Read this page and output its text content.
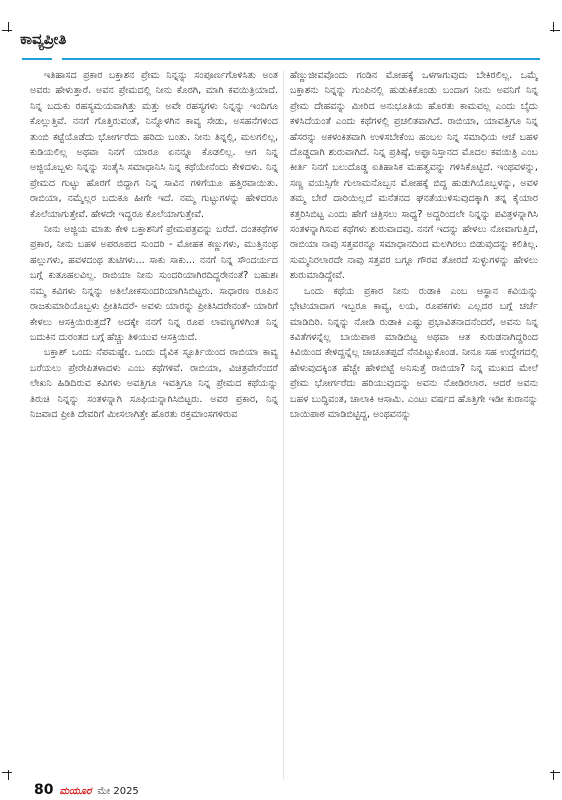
ಕಾವ್ಯಪ್ರೀತಿ

ಇತಿಹಾಸದ ಪ್ರಕಾರ ಬಕ್ತಾಶನ ಪ್ರೇಮ ನಿನ್ನನ್ನು ಸಂಪೂರ್ಣಗೊಳಿಸಿತು ಅಂತ ಅವರು ಹೇಳುತ್ತಾರೆ. ಅವನ ಪ್ರೇಮದಲ್ಲಿ ನೀನು ಕೊರಗಿ, ಮಾಗಿ ಕವಯಿತ್ರಿಯಾದೆ. ನಿನ್ನ ಬದುಕು ರಹಸ್ಯಮಯವಾಗಿತ್ತು ಮತ್ತು ಅವೇ ರಹಸ್ಯಗಳು ನಿನ್ನನ್ನು ಇಂದಿಗೂ ಕೊಲ್ಲುತ್ತಿವೆ. ನನಗೆ ಗೊತ್ತಿರುವಂತೆ, ನಿನ್ನೊಳಗಿನ ಕಾವ್ಯ ಸೇಡು, ಅಸಹನೆಗಳಿಂದ ತುಂಬಿ ಕಟ್ಟೆಯೊಡೆದು ಭೋರ್ಗರೆದು ಹರಿದು ಬಂತು. ನೀನು ತಿನ್ನಲ್ಲಿ, ಮಲಗಲಿಲ್ಲ, ಕುಡಿಯಲಿಲ್ಲ ಅಥವಾ ನಿನಗೆ ಯಾರೂ ಏನನ್ನೂ ಕೊಡಲಿಲ್ಲ. ಆಗ ನಿನ್ನ ಅಜ್ಜಿಯೊಬ್ಬಳು ನಿನ್ನನ್ನು ಸಂತೈಸಿ ಸಮಾಧಾನಿಸಿ ನಿನ್ನ ಕಥೆಯೇನೆಂದು ಕೇಳಿದಳು. ನಿನ್ನ ಪ್ರೇಮದ ಗುಟ್ಟು ಹೊರಗೆ ಬಿದ್ದಾಗ ನಿನ್ನ ಸಾವಿನ ಗಳಿಗೆಯೂ ಹತ್ತಿರವಾಯಿತು. ರಾಬಿಯಾ, ನಮ್ಮೆಲ್ಲರ ಬದುಕೂ ಹೀಗೇ ಇದೆ. ನಮ್ಮ ಗುಟ್ಟುಗಳನ್ನು ಹೇಳಿದರೂ ಕೊಲೆಯಾಗುತ್ತೇವೆ. ಹೇಳದೇ ಇದ್ದರೂ ಕೊಲೆಯಾಗುತ್ತೇವೆ.

ನೀನು ಅಜ್ಜಿಯ ಮಾತು ಕೇಳಿ ಬಕ್ತಾಶನಿಗೆ ಪ್ರೇಮಪತ್ರವನ್ನು ಬರೆದೆ. ದಂತಕಥೆಗಳ ಪ್ರಕಾರ, ನೀನು ಬಹಳ ಅಪರೂಪದ ಸುಂದರಿ - ಮೋಹಕ ಕಣ್ಣುಗಳು, ಮುತ್ತಿನಂಥ ಹಲ್ಲುಗಳು, ಹವಳದಂಥ ತುಟಿಗಳು... ಸಾಕು ಸಾಕು... ನನಗೆ ನಿನ್ನ ಸೌಂದರ್ಯದ ಬಗ್ಗೆ ಕುತೂಹಲವಿಲ್ಲ. ರಾಬಿಯಾ ನೀನು ಸುಂದರಿಯಾಗಿರದಿದ್ದರೇನಂತೆ? ಬಹುಶಃ ನಮ್ಮ ಕವಿಗಳು ನಿನ್ನನ್ನು ಅತಿಲೋಕಸುಂದರಿಯಾಗಿಸಿಬಿಟ್ಟರು. ಸಾಧಾರಣ ರೂಪಿನ ರಾಜಕುಮಾರಿಯೊಬ್ಬಳು ಪ್ರೀತಿಸಿದರೆ- ಅವಳು ಯಾರನ್ನು ಪ್ರೀತಿಸಿದರೇನಂತೆ- ಯಾರಿಗೆ ಕೇಳಲು ಆಸಕ್ತಿಯಿರುತ್ತದೆ? ಅದಕ್ಕೇ ನನಗೆ ನಿನ್ನ ರೂಪ ಲಾವಣ್ಯಗಳಿಗಿಂತ ನಿನ್ನ ಬದುಕಿನ ದುರಂತದ ಬಗ್ಗೆ ಹೆಚ್ಚು ತಿಳಿಯುವ ಆಸಕ್ತಿಯಿದೆ.

ಬಕ್ತಾಶ್ ಒಂದು ನೆಪಮಷ್ಟೇ. ಒಂದು ದೈವಿಕ ಸ್ಫೂರ್ತಿಯಿಂದ ರಾಬಿಯಾ ಕಾವ್ಯ ಬರೆಯಲು ಪ್ರೇರೇಪಿತಳಾದಳು ಎಂಬ ಕಥೆಗಳಿವೆ. ರಾಬಿಯಾ, ವಿಚಿತ್ರವೇನೆಂದರೆ ಲೇಖನಿ ಹಿಡಿದಿರುವ ಕವಿಗಳು ಅವತ್ತಿಗೂ ಇವತ್ತಿಗೂ ನಿನ್ನ ಪ್ರೇಮದ ಕಥೆಯನ್ನು ತಿರುಚಿ ನಿನ್ನನ್ನು ಸಂತಳನ್ನಾಗಿ ಸೂಫಿಯನ್ನಾಗಿಸಿಬಿಟ್ಟರು. ಅವರ ಪ್ರಕಾರ, ನಿನ್ನ ನಿಜವಾದ ಪ್ರೀತಿ ದೇವರಿಗೆ ಮೀಸಲಾಗಿತ್ತೇ ಹೊರತು ರಕ್ತಮಾಂಸಗಳಿರುವ

ಹೆಣ್ಣುಜೀವವೊಂದು ಗಂಡಿನ ಮೋಹಕ್ಕೆ ಒಳಗಾಗುವುದು ಬೇಕಿರಲಿಲ್ಲ. ಒಮ್ಮೆ ಬಕ್ತಾಶನು ನಿನ್ನನ್ನು ಗುಂಪಿನಲ್ಲಿ ಹುಡುಕಿಕೊಂಡು ಬಂದಾಗ ನೀನು ಅವನಿಗೆ ನಿನ್ನ ಪ್ರೇಮ ದೇಹವನ್ನು ಮೀರಿದ ಅನುಭೂತಿಯ ಹೊರತು ಕಾಮವಲ್ಲ ಎಂದು ಬೈದು ಕಳಿಸಿದೆಯಂತೆ ಎಂದು ಕಥೆಗಳಲ್ಲಿ ಪ್ರಚಲಿತವಾಗಿದೆ. ರಾಬಿಯಾ, ಯಾವತ್ತಿಗೂ ನಿನ್ನ ಹೆಸರನ್ನು ಅಕಳಂಕಿತವಾಗಿ ಉಳಿಸಬೇಕೆಂಬ ಹಂಬಲ ನಿನ್ನ ಸಮಾಧಿಯ ಆಚೆ ಬಹಳ ದೊಡ್ಡದಾಗಿ ಶುರುವಾಗಿದೆ. ನಿನ್ನ ಪ್ರತಿಷ್ಠೆ, ಅಫ್ಘಾನಿಸ್ತಾನದ ಮೊದಲ ಕವಯಿತ್ರಿ ಎಂಬ ಕೀರ್ತಿ ನಿನಗೆ ಬಲುದೊಡ್ಡ ಐತಿಹಾಸಿಕ ಮಹತ್ವವನ್ನು ಗಳಿಸಿಕೊಟ್ಟಿದೆ. ಇಂಥವಳನ್ನು, ಸಣ್ಣ ವಯಸ್ಸಿಗೇ ಗುಲಾಮನೊಬ್ಬನ ಮೋಹಕ್ಕೆ ಬಿದ್ದ ಹುಡುಗಿಯೊಬ್ಬಳನ್ನು, ಅವಳ ತಮ್ಮ ಬೇರೆ ದಾರಿಯಿಲ್ಲದೆ ಮನೆತನದ ಘನತೆಯುಳಿಸುವುದಕ್ಕಾಗಿ ತನ್ನ ಕೈಯಾರ ಕತ್ತರಿಸಿಬಿಟ್ಟ ಎಂದು ಹೇಗೆ ಚಿತ್ರಿಸಲು ಸಾಧ್ಯ? ಅದ್ದರಿಂದಲೇ ನಿನ್ನನ್ನು ಪವಿತ್ರಳನ್ನಾಗಿಸಿ ಸಂತಳನ್ನಾಗಿಸುವ ಕಥೆಗಳು ಶುರುವಾದವು. ನನಗೆ ಇದನ್ನು ಹೇಳಲು ನೋವಾಗುತ್ತಿದೆ, ರಾಬಿಯಾ ನಾವು ಸತ್ತವರನ್ನೂ ಸಮಾಧಾನದಿಂದ ಮಲಗಿರಲು ಬಿಡುವುದನ್ನು ಕಲಿತಿಲ್ಲ. ಸುಮ್ಮನಿರಲಾರದೇ ನಾವು ಸತ್ತವರ ಬಗ್ಗೂ ಗೌರವ ತೋರದೆ ಸುಳ್ಳುಗಳನ್ನು ಹೇಳಲು ಶುರುಮಾಡಿದ್ದೇವೆ.

ಒಂದು ಕಥೆಯ ಪ್ರಕಾರ ನೀನು ರುಡಾಕಿ ಎಂಬ ಆಸ್ಥಾನ ಕವಿಯನ್ನು ಭೇಟಿಯಾದಾಗ ಇಬ್ಬರೂ ಕಾವ್ಯ, ಲಯ, ರೂಪಕಗಳು ಎಲ್ಲದರ ಬಗ್ಗೆ ಚರ್ಚೆ ಮಾಡಿದಿರಿ. ನಿನ್ನನ್ನು ನೋಡಿ ರುಡಾಕಿ ಎಷ್ಟು ಪ್ರಭಾವಿತನಾದನೆಂದರೆ, ಅವನು ನಿನ್ನ ಕವಿತೆಗಳನ್ನೆಲ್ಲ ಬಾಯಿಪಾಠ ಮಾಡಿಬಿಟ್ಟ ಅಥವಾ ಆತ ಕುರುಡನಾಗಿದ್ದರಿಂದ ಕಿವಿಯಿಂದ ಕೇಳಿದ್ದನ್ನೆಲ್ಲ ಚಾಚೂತಪ್ಪದೆ ನೆನಪಿಟ್ಟುಕೊಂಡ. ನೀನೂ ಸಹ ಉದ್ದೇಗದಲ್ಲಿ ಹೇಳುವುದಕ್ಕಿಂತ ಹೆಚ್ಚೇ ಹೇಳಿಬಿಟ್ಟೆ ಅನಿಸುತ್ತೆ ರಾಬಿಯಾ? ನಿನ್ನ ಮುಖದ ಮೇಲೆ ಪ್ರೇಮ ಭೋರ್ಗರೆದು ಹರಿಯುವುದನ್ನು ಅವನು ನೋಡಿರಲಾರ. ಆದರೆ ಅವನು ಬಹಳ ಬುದ್ಧಿವಂತ, ಚಾಲಾಕಿ ಆಸಾಮಿ. ಎಂಟು ವರ್ಷದ ಹೊತ್ತಿಗೇ ಇಡೀ ಕುರಾನನ್ನು ಬಾಯಿಪಾಠ ಮಾಡಿಬಿಟ್ಟಿದ್ದ, ಅಂಥವನನ್ನು

80 ಮಯೂರ ಮೇ 2025
